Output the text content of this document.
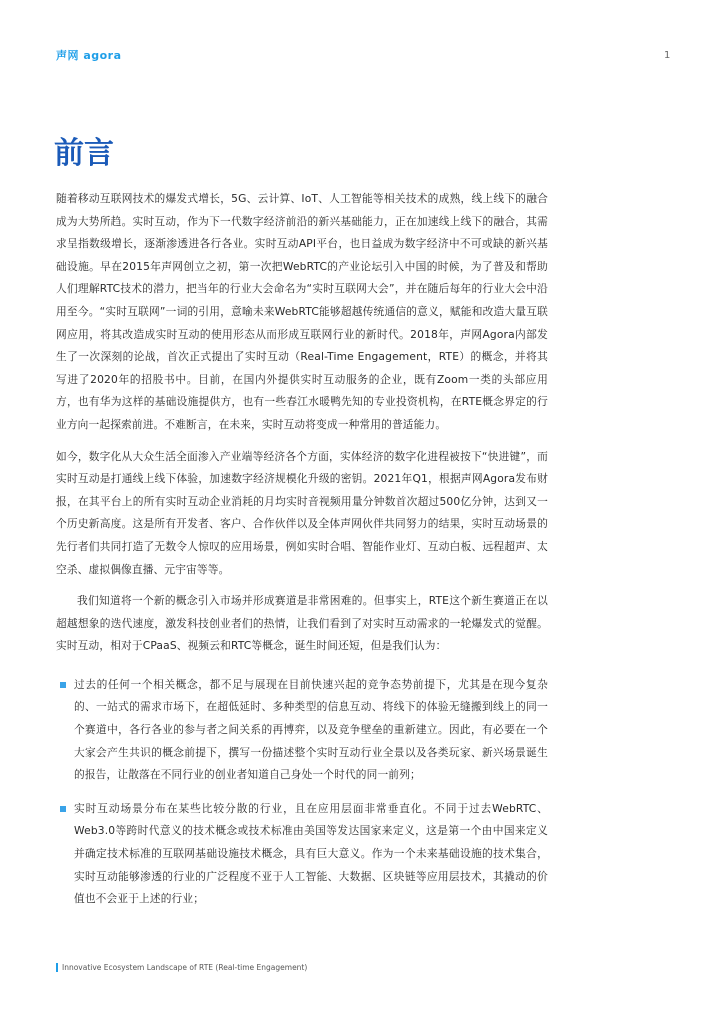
声网 agora	1
前言

随着移动互联网技术的爆发式增长，5G、云计算、IoT、人工智能等相关技术的成熟，线上线下的融合成为大势所趋。实时互动，作为下一代数字经济前沿的新兴基础能力，正在加速线上线下的融合，其需求呈指数级增长，逐渐渗透进各行各业。实时互动API平台，也日益成为数字经济中不可或缺的新兴基础设施。早在2015年声网创立之初，第一次把WebRTC的产业论坛引入中国的时候，为了普及和帮助人们理解RTC技术的潜力，把当年的行业大会命名为“实时互联网大会”，并在随后每年的行业大会中沿用至今。“实时互联网”一词的引用，意喻未来WebRTC能够超越传统通信的意义，赋能和改造大量互联网应用，将其改造成实时互动的使用形态从而形成互联网行业的新时代。2018年，声网Agora内部发生了一次深刻的论战，首次正式提出了实时互动（Real-Time Engagement，RTE）的概念，并将其写进了2020年的招股书中。目前，在国内外提供实时互动服务的企业，既有Zoom一类的头部应用方，也有华为这样的基础设施提供方，也有一些春江水暖鸭先知的专业投资机构，在RTE概念界定的行业方向一起探索前进。不难断言，在未来，实时互动将变成一种常用的普适能力。

如今，数字化从大众生活全面渗入产业端等经济各个方面，实体经济的数字化进程被按下“快进键”，而实时互动是打通线上线下体验，加速数字经济规模化升级的密钥。2021年Q1，根据声网Agora发布财报，在其平台上的所有实时互动企业消耗的月均实时音视频用量分钟数首次超过500亿分钟，达到又一个历史新高度。这是所有开发者、客户、合作伙伴以及全体声网伙伴共同努力的结果，实时互动场景的先行者们共同打造了无数令人惊叹的应用场景，例如实时合唱、智能作业灯、互动白板、远程超声、太空杀、虚拟偶像直播、元宇宙等等。

我们知道将一个新的概念引入市场并形成赛道是非常困难的。但事实上，RTE这个新生赛道正在以超越想象的迭代速度，激发科技创业者们的热情，让我们看到了对实时互动需求的一轮爆发式的觉醒。实时互动，相对于CPaaS、视频云和RTC等概念，诞生时间还短，但是我们认为：

过去的任何一个相关概念，都不足与展现在目前快速兴起的竞争态势前提下，尤其是在现今复杂的、一站式的需求市场下，在超低延时、多种类型的信息互动、将线下的体验无缝搬到线上的同一个赛道中，各行各业的参与者之间关系的再博弈，以及竞争壁垒的重新建立。因此，有必要在一个大家会产生共识的概念前提下，撰写一份描述整个实时互动行业全景以及各类玩家、新兴场景诞生的报告，让散落在不同行业的创业者知道自己身处一个时代的同一前列；
实时互动场景分布在某些比较分散的行业，且在应用层面非常垂直化。不同于过去WebRTC、Web3.0等跨时代意义的技术概念或技术标准由美国等发达国家来定义，这是第一个由中国来定义并确定技术标准的互联网基础设施技术概念，具有巨大意义。作为一个未来基础设施的技术集合，实时互动能够渗透的行业的广泛程度不亚于人工智能、大数据、区块链等应用层技术，其撬动的价值也不会亚于上述的行业；
Innovative Ecosystem Landscape of RTE (Real-time Engagement)
